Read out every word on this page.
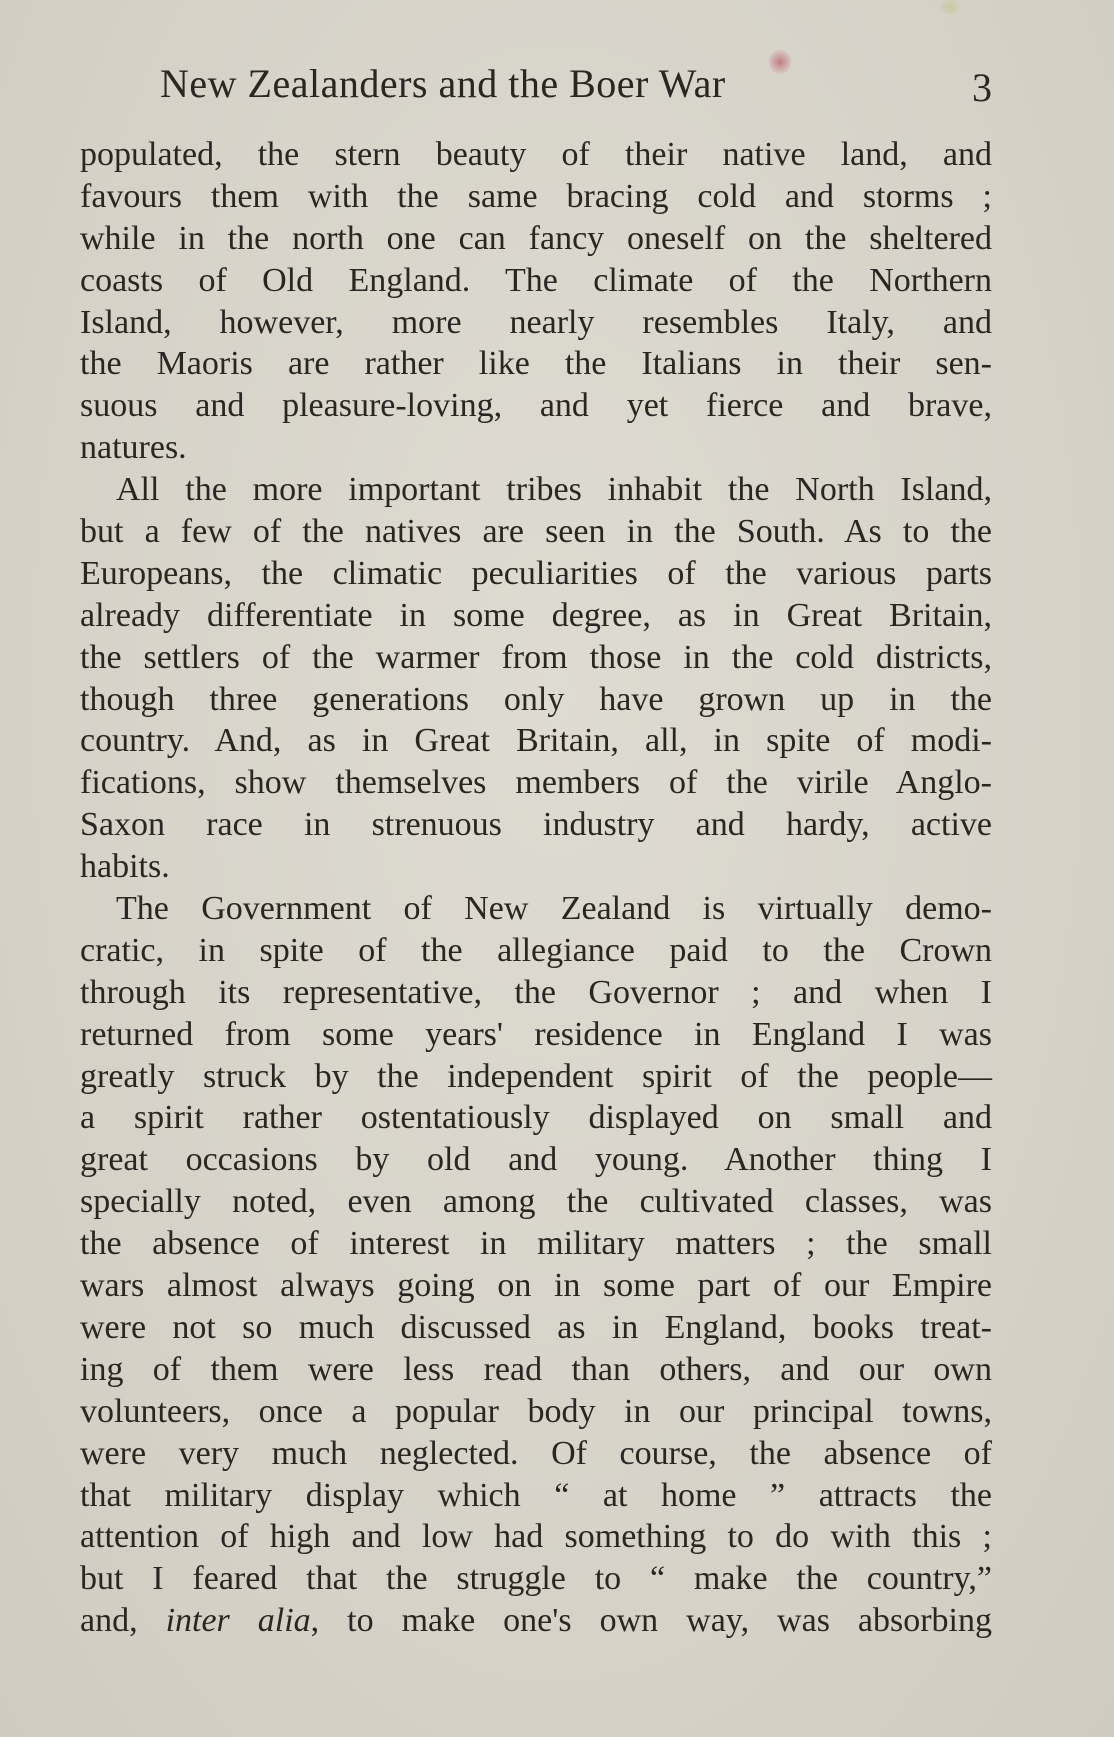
New Zealanders and the Boer War	3
populated, the stern beauty of their native land, and
favours them with the same bracing cold and storms ;
while in the north one can fancy oneself on the sheltered
coasts of Old England. The climate of the Northern
Island, however, more nearly resembles Italy, and
the Maoris are rather like the Italians in their sen-
suous and pleasure-loving, and yet fierce and brave,
natures.
All the more important tribes inhabit the North Island,
but a few of the natives are seen in the South. As to the
Europeans, the climatic peculiarities of the various parts
already differentiate in some degree, as in Great Britain,
the settlers of the warmer from those in the cold districts,
though three generations only have grown up in the
country. And, as in Great Britain, all, in spite of modi-
fications, show themselves members of the virile Anglo-
Saxon race in strenuous industry and hardy, active
habits.
The Government of New Zealand is virtually demo-
cratic, in spite of the allegiance paid to the Crown
through its representative, the Governor ; and when I
returned from some years' residence in England I was
greatly struck by the independent spirit of the people—
a spirit rather ostentatiously displayed on small and
great occasions by old and young. Another thing I
specially noted, even among the cultivated classes, was
the absence of interest in military matters ; the small
wars almost always going on in some part of our Empire
were not so much discussed as in England, books treat-
ing of them were less read than others, and our own
volunteers, once a popular body in our principal towns,
were very much neglected. Of course, the absence of
that military display which “ at home ” attracts the
attention of high and low had something to do with this ;
but I feared that the struggle to “ make the country,”
and, inter alia, to make one's own way, was absorbing
